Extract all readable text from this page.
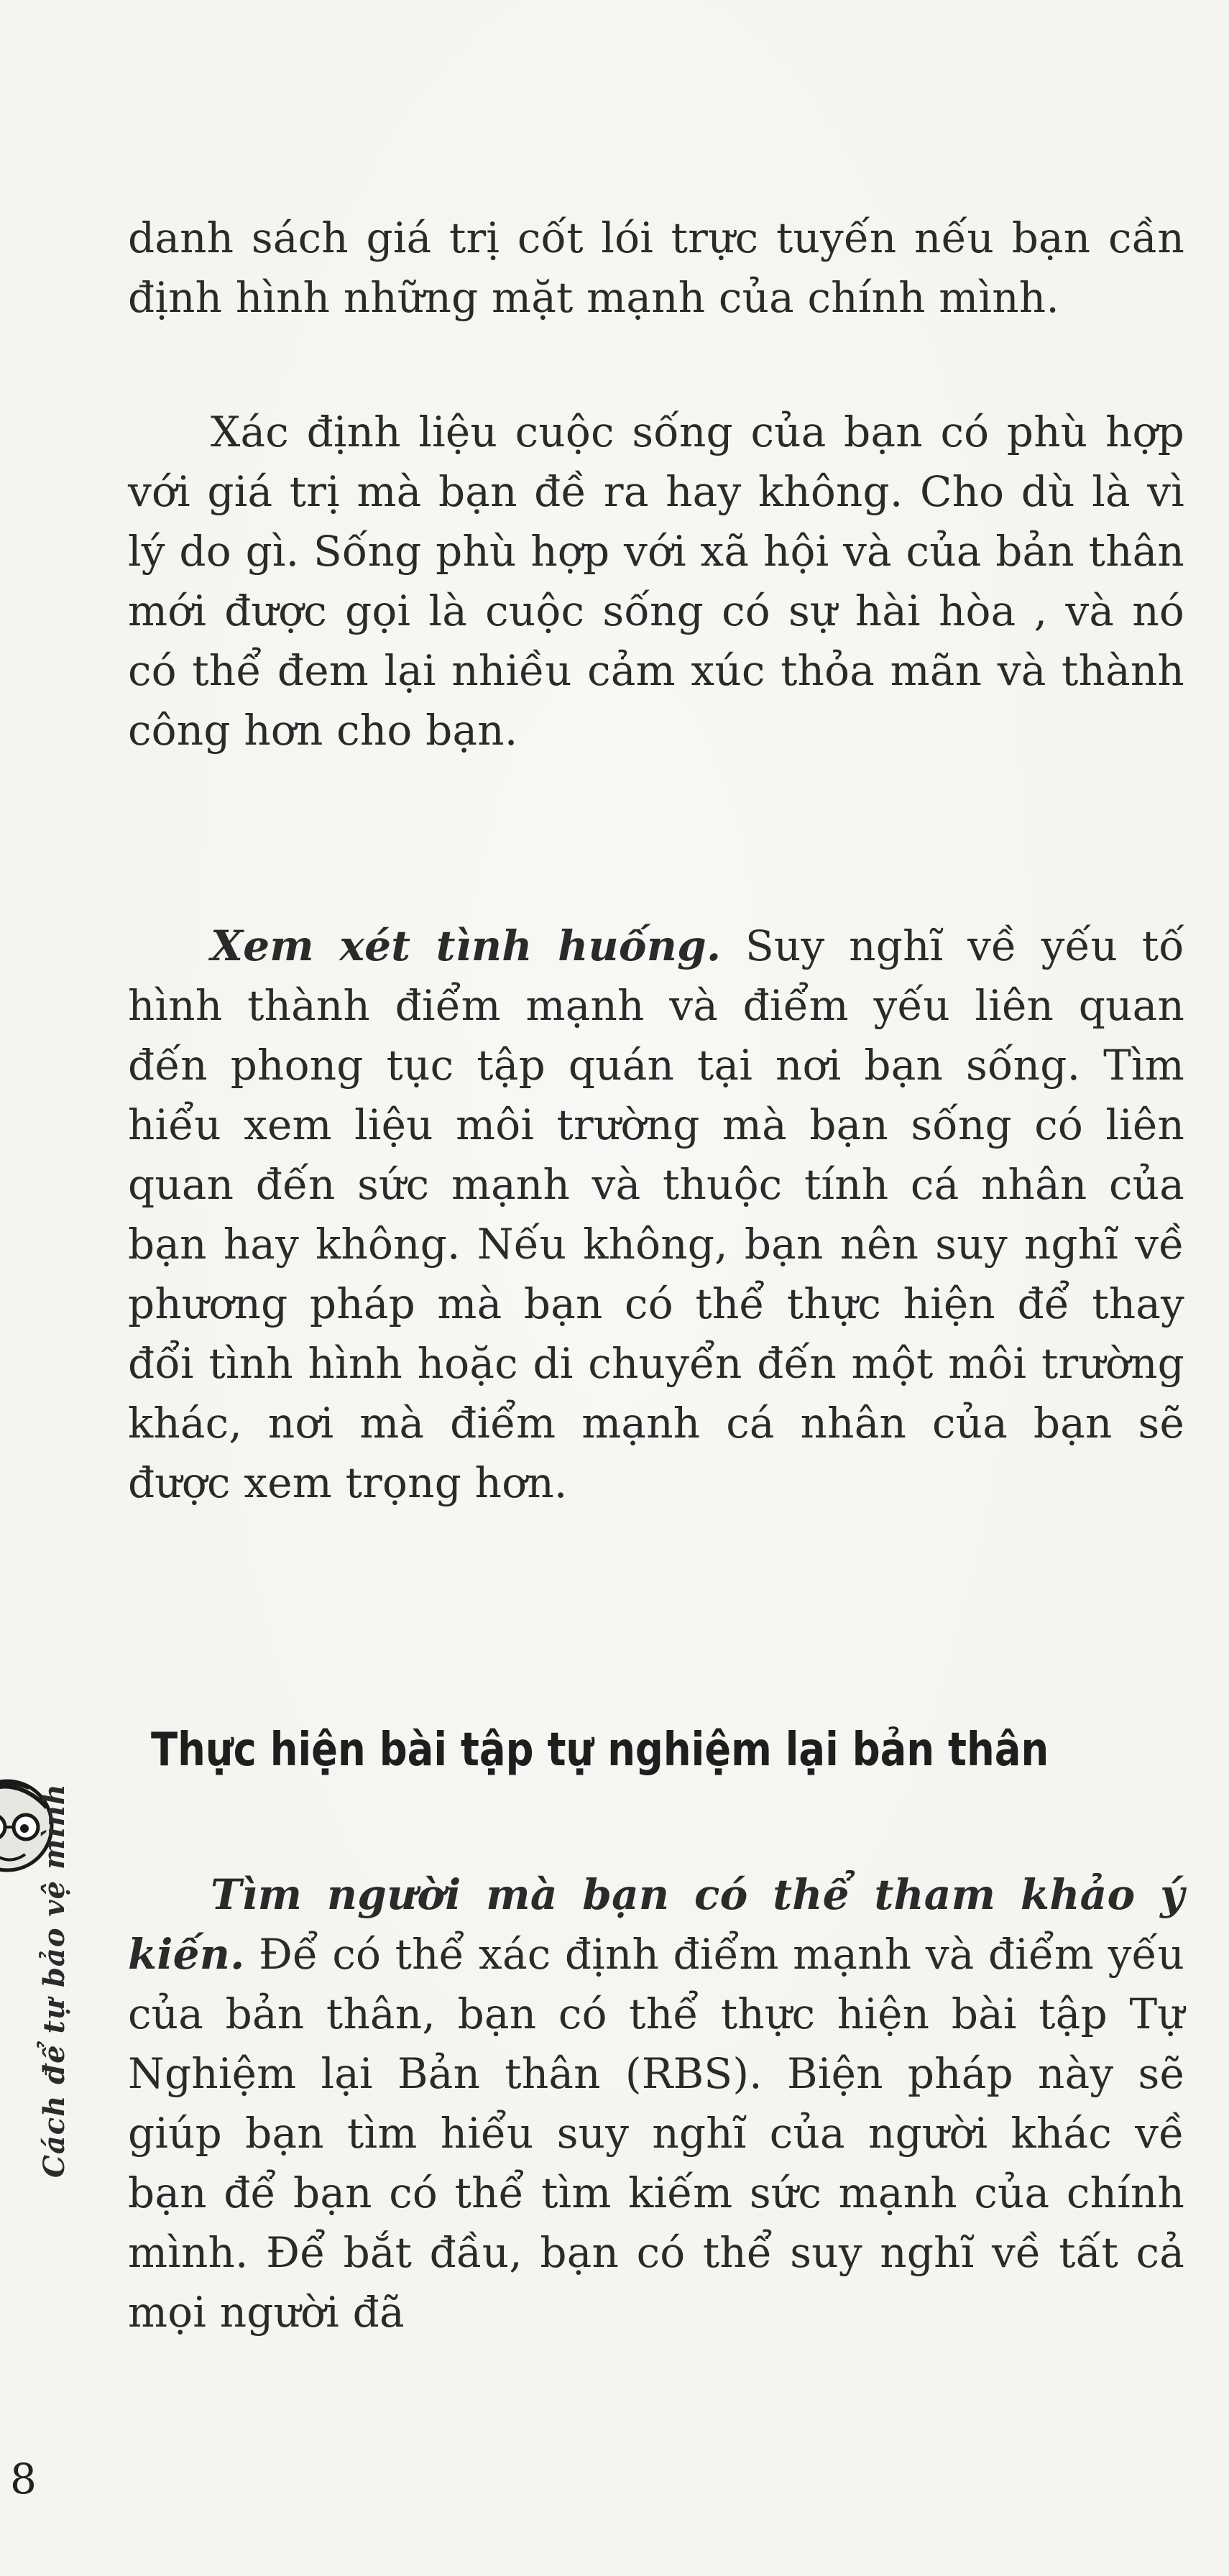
danh sách giá trị cốt lói trực tuyến nếu bạn cần định hình những mặt mạnh của chính mình.

Xác định liệu cuộc sống của bạn có phù hợp với giá trị mà bạn đề ra hay không. Cho dù là vì lý do gì. Sống phù hợp với xã hội và của bản thân mới được gọi là cuộc sống có sự hài hòa , và nó có thể đem lại nhiều cảm xúc thỏa mãn và thành công hơn cho bạn.

Xem xét tình huống. Suy nghĩ về yếu tố hình thành điểm mạnh và điểm yếu liên quan đến phong tục tập quán tại nơi bạn sống. Tìm hiểu xem liệu môi trường mà bạn sống có liên quan đến sức mạnh và thuộc tính cá nhân của bạn hay không. Nếu không, bạn nên suy nghĩ về phương pháp mà bạn có thể thực hiện để thay đổi tình hình hoặc di chuyển đến một môi trường khác, nơi mà điểm mạnh cá nhân của bạn sẽ được xem trọng hơn.

Thực hiện bài tập tự nghiệm lại bản thân

Tìm người mà bạn có thể tham khảo ý kiến. Để có thể xác định điểm mạnh và điểm yếu của bản thân, bạn có thể thực hiện bài tập Tự Nghiệm lại Bản thân (RBS). Biện pháp này sẽ giúp bạn tìm hiểu suy nghĩ của người khác về bạn để bạn có thể tìm kiếm sức mạnh của chính mình. Để bắt đầu, bạn có thể suy nghĩ về tất cả mọi người đã

Cách để tự bảo vệ mình
8
